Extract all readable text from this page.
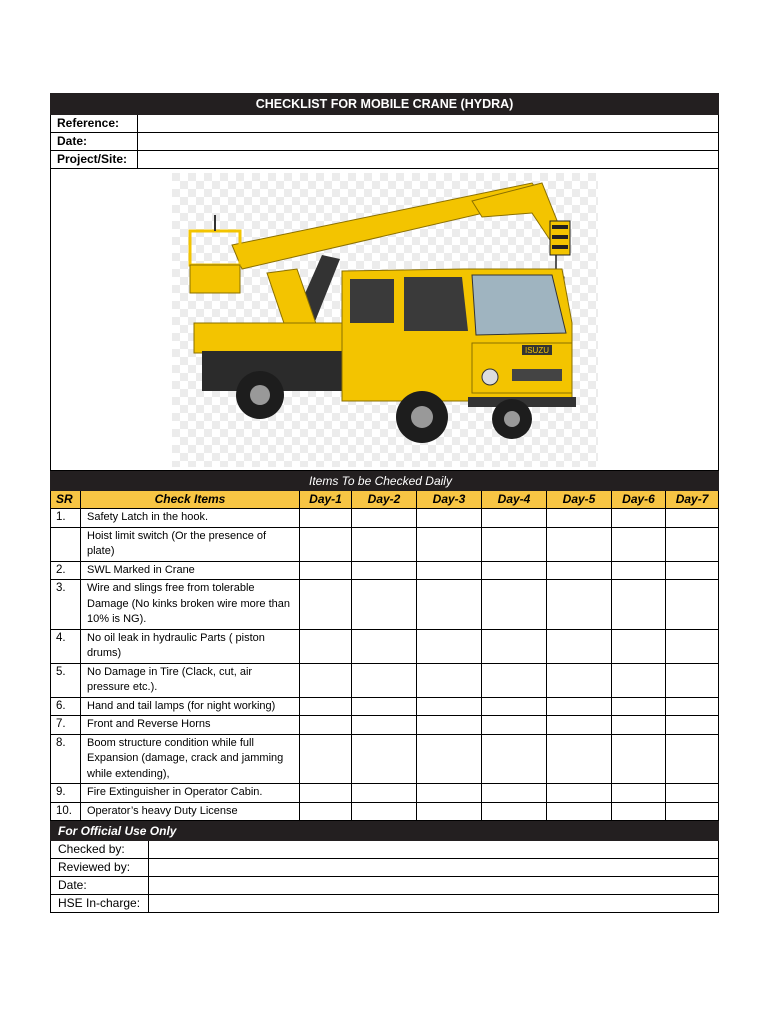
CHECKLIST FOR MOBILE CRANE (HYDRA)	
Reference:	
Date:	
Project/Site:	

ISUZU	
Items To be Checked Daily								

SR	Check Items	Day-1	Day-2	Day-3	Day-4	Day-5	Day-6	Day-7
1.	Safety Latch in the hook.							
	Hoist limit switch (Or the presence of plate)							
2.	SWL Marked in Crane							
3.	Wire and slings free from tolerable Damage (No kinks broken wire more than 10% is NG).							
4.	No oil leak in hydraulic Parts ( piston drums)							
5.	No Damage in Tire (Clack, cut, air pressure etc.).							
6.	Hand and tail lamps (for night working)							
7.	Front and Reverse Horns							
8.	Boom structure condition while full Expansion (damage, crack and jamming while extending),							
9.	Fire Extinguisher in Operator Cabin.							
10.	Operator’s heavy Duty License							
For Official Use Only	
Checked by:	
Reviewed by:	
Date:	
HSE In-charge:	
